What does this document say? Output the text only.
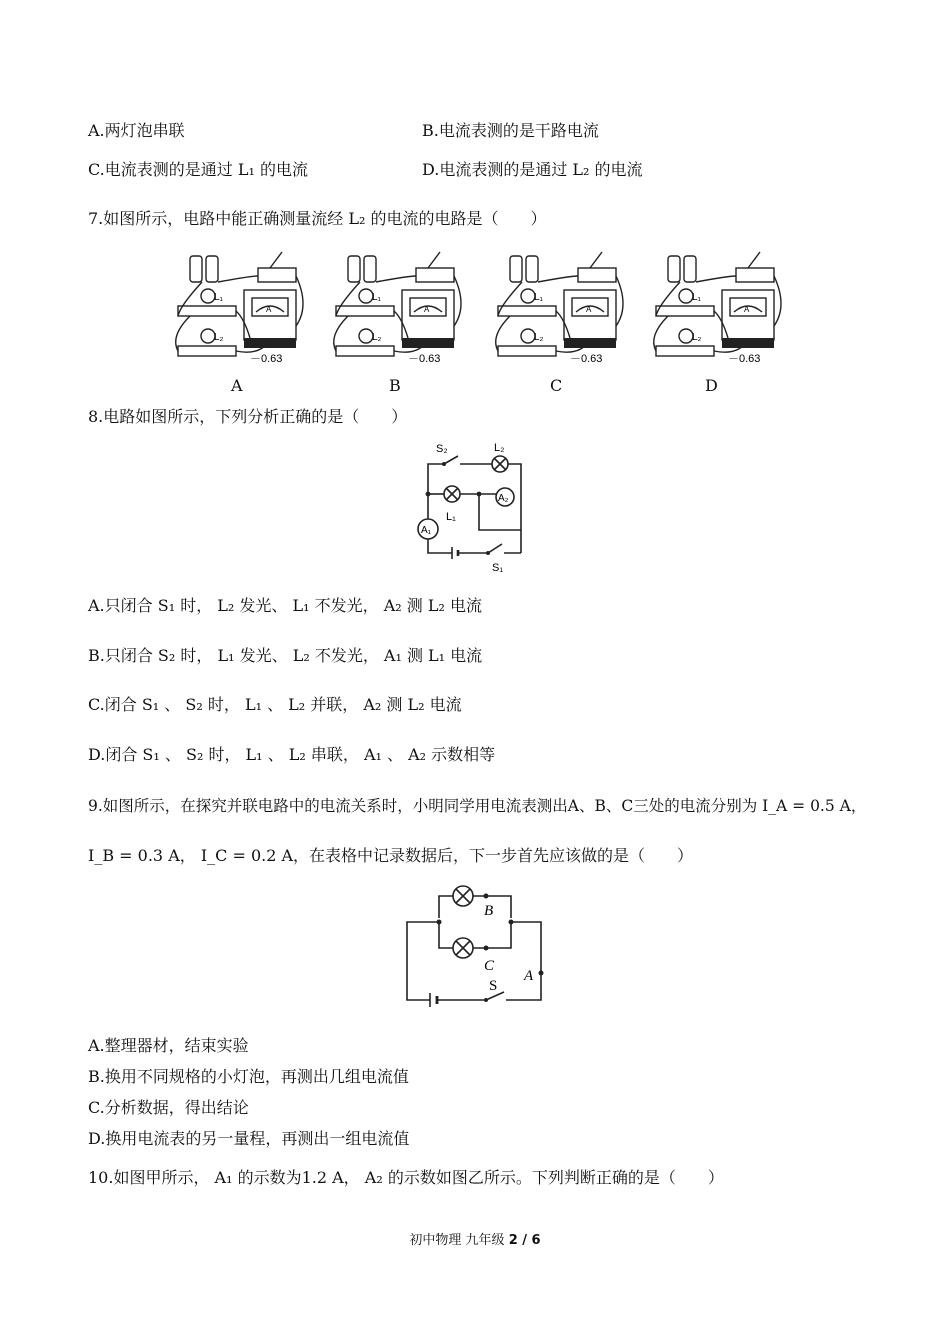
A.两灯泡串联	B.电流表测的是干路电流
C.电流表测的是通过 L₁ 的电流	D.电流表测的是通过 L₂ 的电流
7.如图所示，电路中能正确测量流经 L₂ 的电流的电路是（　　）
L₁
L₂
－0.63
A
L₁
L₂
－0.63
A
L₁
L₂
－0.63
A
L₁
L₂
－0.63
A
A	B	C	D
8.电路如图所示，下列分析正确的是（　　）
S₂	L₂
L₁
A₂
A₁
S₁
A.只闭合 S₁ 时， L₂ 发光、 L₁ 不发光， A₂ 测 L₂ 电流
B.只闭合 S₂ 时， L₁ 发光、 L₂ 不发光， A₁ 测 L₁ 电流
C.闭合 S₁ 、 S₂ 时， L₁ 、 L₂ 并联， A₂ 测 L₂ 电流
D.闭合 S₁ 、 S₂ 时， L₁ 、 L₂ 串联， A₁ 、 A₂ 示数相等
9.如图所示，在探究并联电路中的电流关系时，小明同学用电流表测出A、B、C三处的电流分别为 I_A = 0.5 A，
I_B = 0.3 A， I_C = 0.2 A，在表格中记录数据后，下一步首先应该做的是（　　）
B
C
A
S
A.整理器材，结束实验
B.换用不同规格的小灯泡，再测出几组电流值
C.分析数据，得出结论
D.换用电流表的另一量程，再测出一组电流值
10.如图甲所示， A₁ 的示数为1.2 A， A₂ 的示数如图乙所示。下列判断正确的是（　　）
初中物理 九年级 2 / 6
